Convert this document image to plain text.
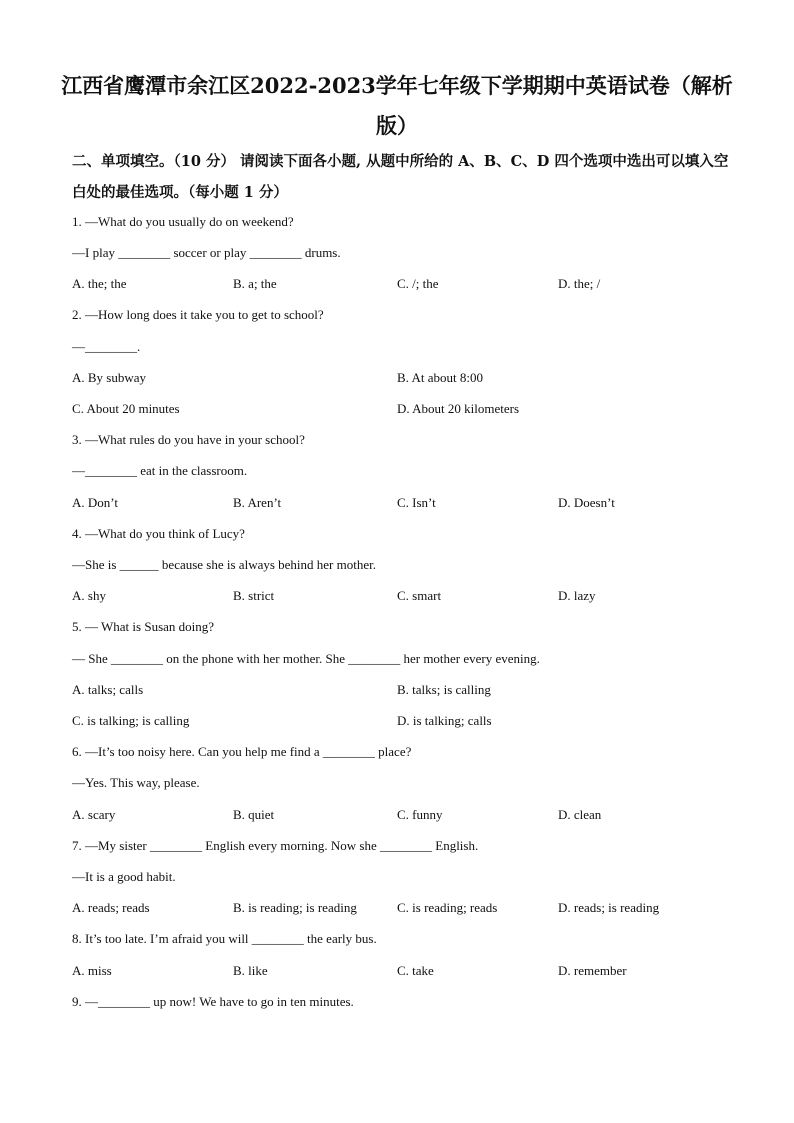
江西省鹰潭市余江区2022-2023学年七年级下学期期中英语试卷（解析版）
二、单项填空。（10 分） 请阅读下面各小题, 从题中所给的 A、B、C、D 四个选项中选出可以填入空白处的最佳选项。（每小题 1 分）
1. —What do you usually do on weekend?
—I play ________ soccer or play ________ drums.
A. the; the	B. a; the	C. /; the	D. the; /
2. —How long does it take you to get to school?
—________.
A. By subway	B. At about 8:00
C. About 20 minutes	D. About 20 kilometers
3. —What rules do you have in your school?
—________ eat in the classroom.
A. Don’t	B. Aren’t	C. Isn’t	D. Doesn’t
4. —What do you think of Lucy?
—She is ______ because she is always behind her mother.
A. shy	B. strict	C. smart	D. lazy
5. — What is Susan doing?
— She ________ on the phone with her mother. She ________ her mother every evening.
A. talks; calls	B. talks; is calling
C. is talking; is calling	D. is talking; calls
6. —It’s too noisy here. Can you help me find a ________ place?
—Yes. This way, please.
A. scary	B. quiet	C. funny	D. clean
7. —My sister ________ English every morning. Now she ________ English.
—It is a good habit.
A. reads; reads	B. is reading; is reading	C. is reading; reads	D. reads; is reading
8. It’s too late. I’m afraid you will ________ the early bus.
A. miss	B. like	C. take	D. remember
9. —________ up now! We have to go in ten minutes.
